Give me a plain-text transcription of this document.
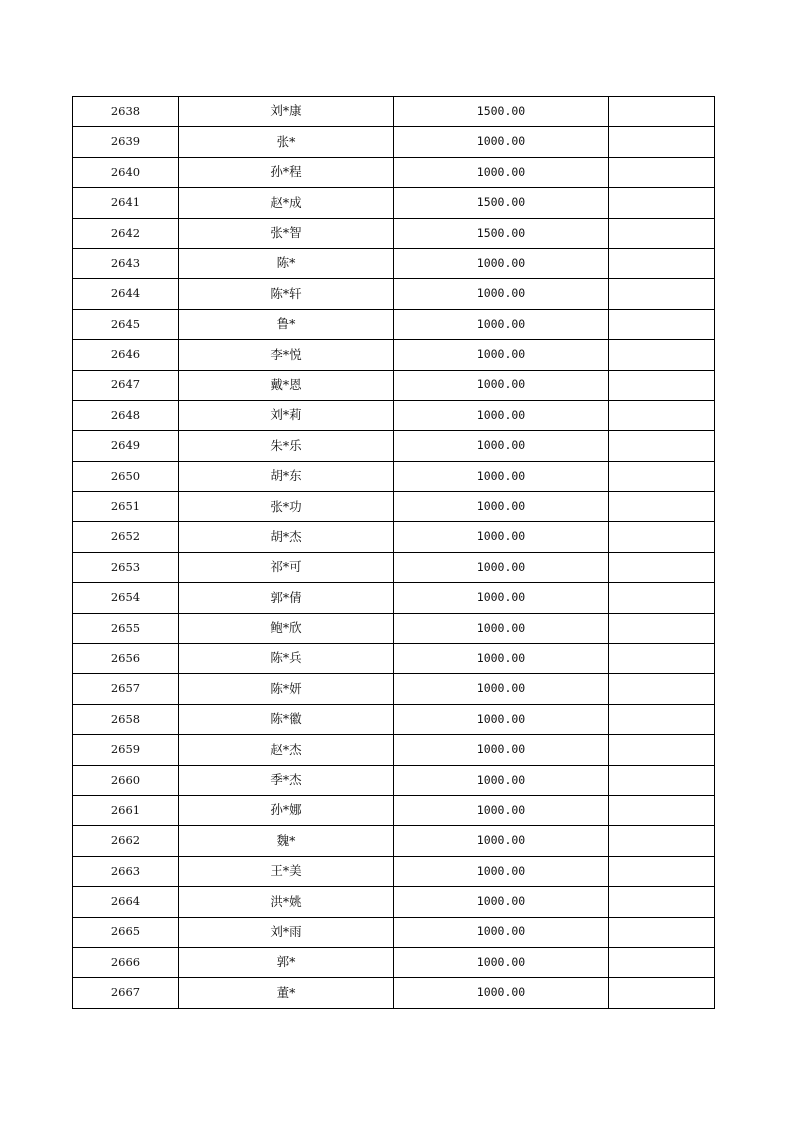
2638	刘*康	1500.00	
2639	张*	1000.00	
2640	孙*程	1000.00	
2641	赵*成	1500.00	
2642	张*智	1500.00	
2643	陈*	1000.00	
2644	陈*轩	1000.00	
2645	鲁*	1000.00	
2646	李*悦	1000.00	
2647	戴*恩	1000.00	
2648	刘*莉	1000.00	
2649	朱*乐	1000.00	
2650	胡*东	1000.00	
2651	张*功	1000.00	
2652	胡*杰	1000.00	
2653	祁*可	1000.00	
2654	郭*倩	1000.00	
2655	鲍*欣	1000.00	
2656	陈*兵	1000.00	
2657	陈*妍	1000.00	
2658	陈*徽	1000.00	
2659	赵*杰	1000.00	
2660	季*杰	1000.00	
2661	孙*娜	1000.00	
2662	魏*	1000.00	
2663	王*美	1000.00	
2664	洪*姚	1000.00	
2665	刘*雨	1000.00	
2666	郭*	1000.00	
2667	董*	1000.00	
